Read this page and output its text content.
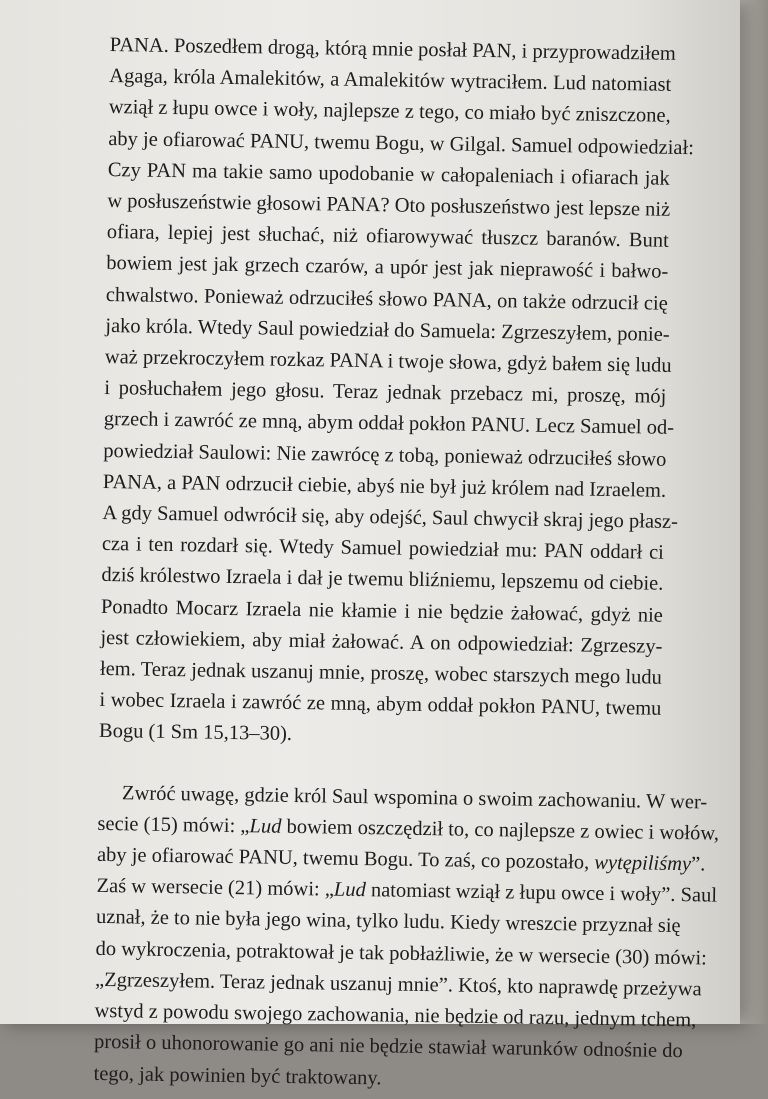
PANA. Poszedłem drogą, którą mnie posłał PAN, i przyprowadziłem
Agaga, króla Amalekitów, a Amalekitów wytraciłem. Lud natomiast
wziął z łupu owce i woły, najlepsze z tego, co miało być zniszczone,
aby je ofiarować PANU, twemu Bogu, w Gilgal. Samuel odpowiedział:
Czy PAN ma takie samo upodobanie w całopaleniach i ofiarach jak
w posłuszeństwie głosowi PANA? Oto posłuszeństwo jest lepsze niż
ofiara, lepiej jest słuchać, niż ofiarowywać tłuszcz baranów. Bunt
bowiem jest jak grzech czarów, a upór jest jak nieprawość i bałwo-
chwalstwo. Ponieważ odrzuciłeś słowo PANA, on także odrzucił cię
jako króla. Wtedy Saul powiedział do Samuela: Zgrzeszyłem, ponie-
waż przekroczyłem rozkaz PANA i twoje słowa, gdyż bałem się ludu
i posłuchałem jego głosu. Teraz jednak przebacz mi, proszę, mój
grzech i zawróć ze mną, abym oddał pokłon PANU. Lecz Samuel od-
powiedział Saulowi: Nie zawrócę z tobą, ponieważ odrzuciłeś słowo
PANA, a PAN odrzucił ciebie, abyś nie był już królem nad Izraelem.
A gdy Samuel odwrócił się, aby odejść, Saul chwycił skraj jego płasz-
cza i ten rozdarł się. Wtedy Samuel powiedział mu: PAN oddarł ci
dziś królestwo Izraela i dał je twemu bliźniemu, lepszemu od ciebie.
Ponadto Mocarz Izraela nie kłamie i nie będzie żałować, gdyż nie
jest człowiekiem, aby miał żałować. A on odpowiedział: Zgrzeszy-
łem. Teraz jednak uszanuj mnie, proszę, wobec starszych mego ludu
i wobec Izraela i zawróć ze mną, abym oddał pokłon PANU, twemu
Bogu (1 Sm 15,13–30).
Zwróć uwagę, gdzie król Saul wspomina o swoim zachowaniu. W wer-
secie (15) mówi: „Lud bowiem oszczędził to, co najlepsze z owiec i wołów,
aby je ofiarować PANU, twemu Bogu. To zaś, co pozostało, wytępiliśmy”.
Zaś w wersecie (21) mówi: „Lud natomiast wziął z łupu owce i woły”. Saul
uznał, że to nie była jego wina, tylko ludu. Kiedy wreszcie przyznał się
do wykroczenia, potraktował je tak pobłażliwie, że w wersecie (30) mówi:
„Zgrzeszyłem. Teraz jednak uszanuj mnie”. Ktoś, kto naprawdę przeżywa
wstyd z powodu swojego zachowania, nie będzie od razu, jednym tchem,
prosił o uhonorowanie go ani nie będzie stawiał warunków odnośnie do
tego, jak powinien być traktowany.
